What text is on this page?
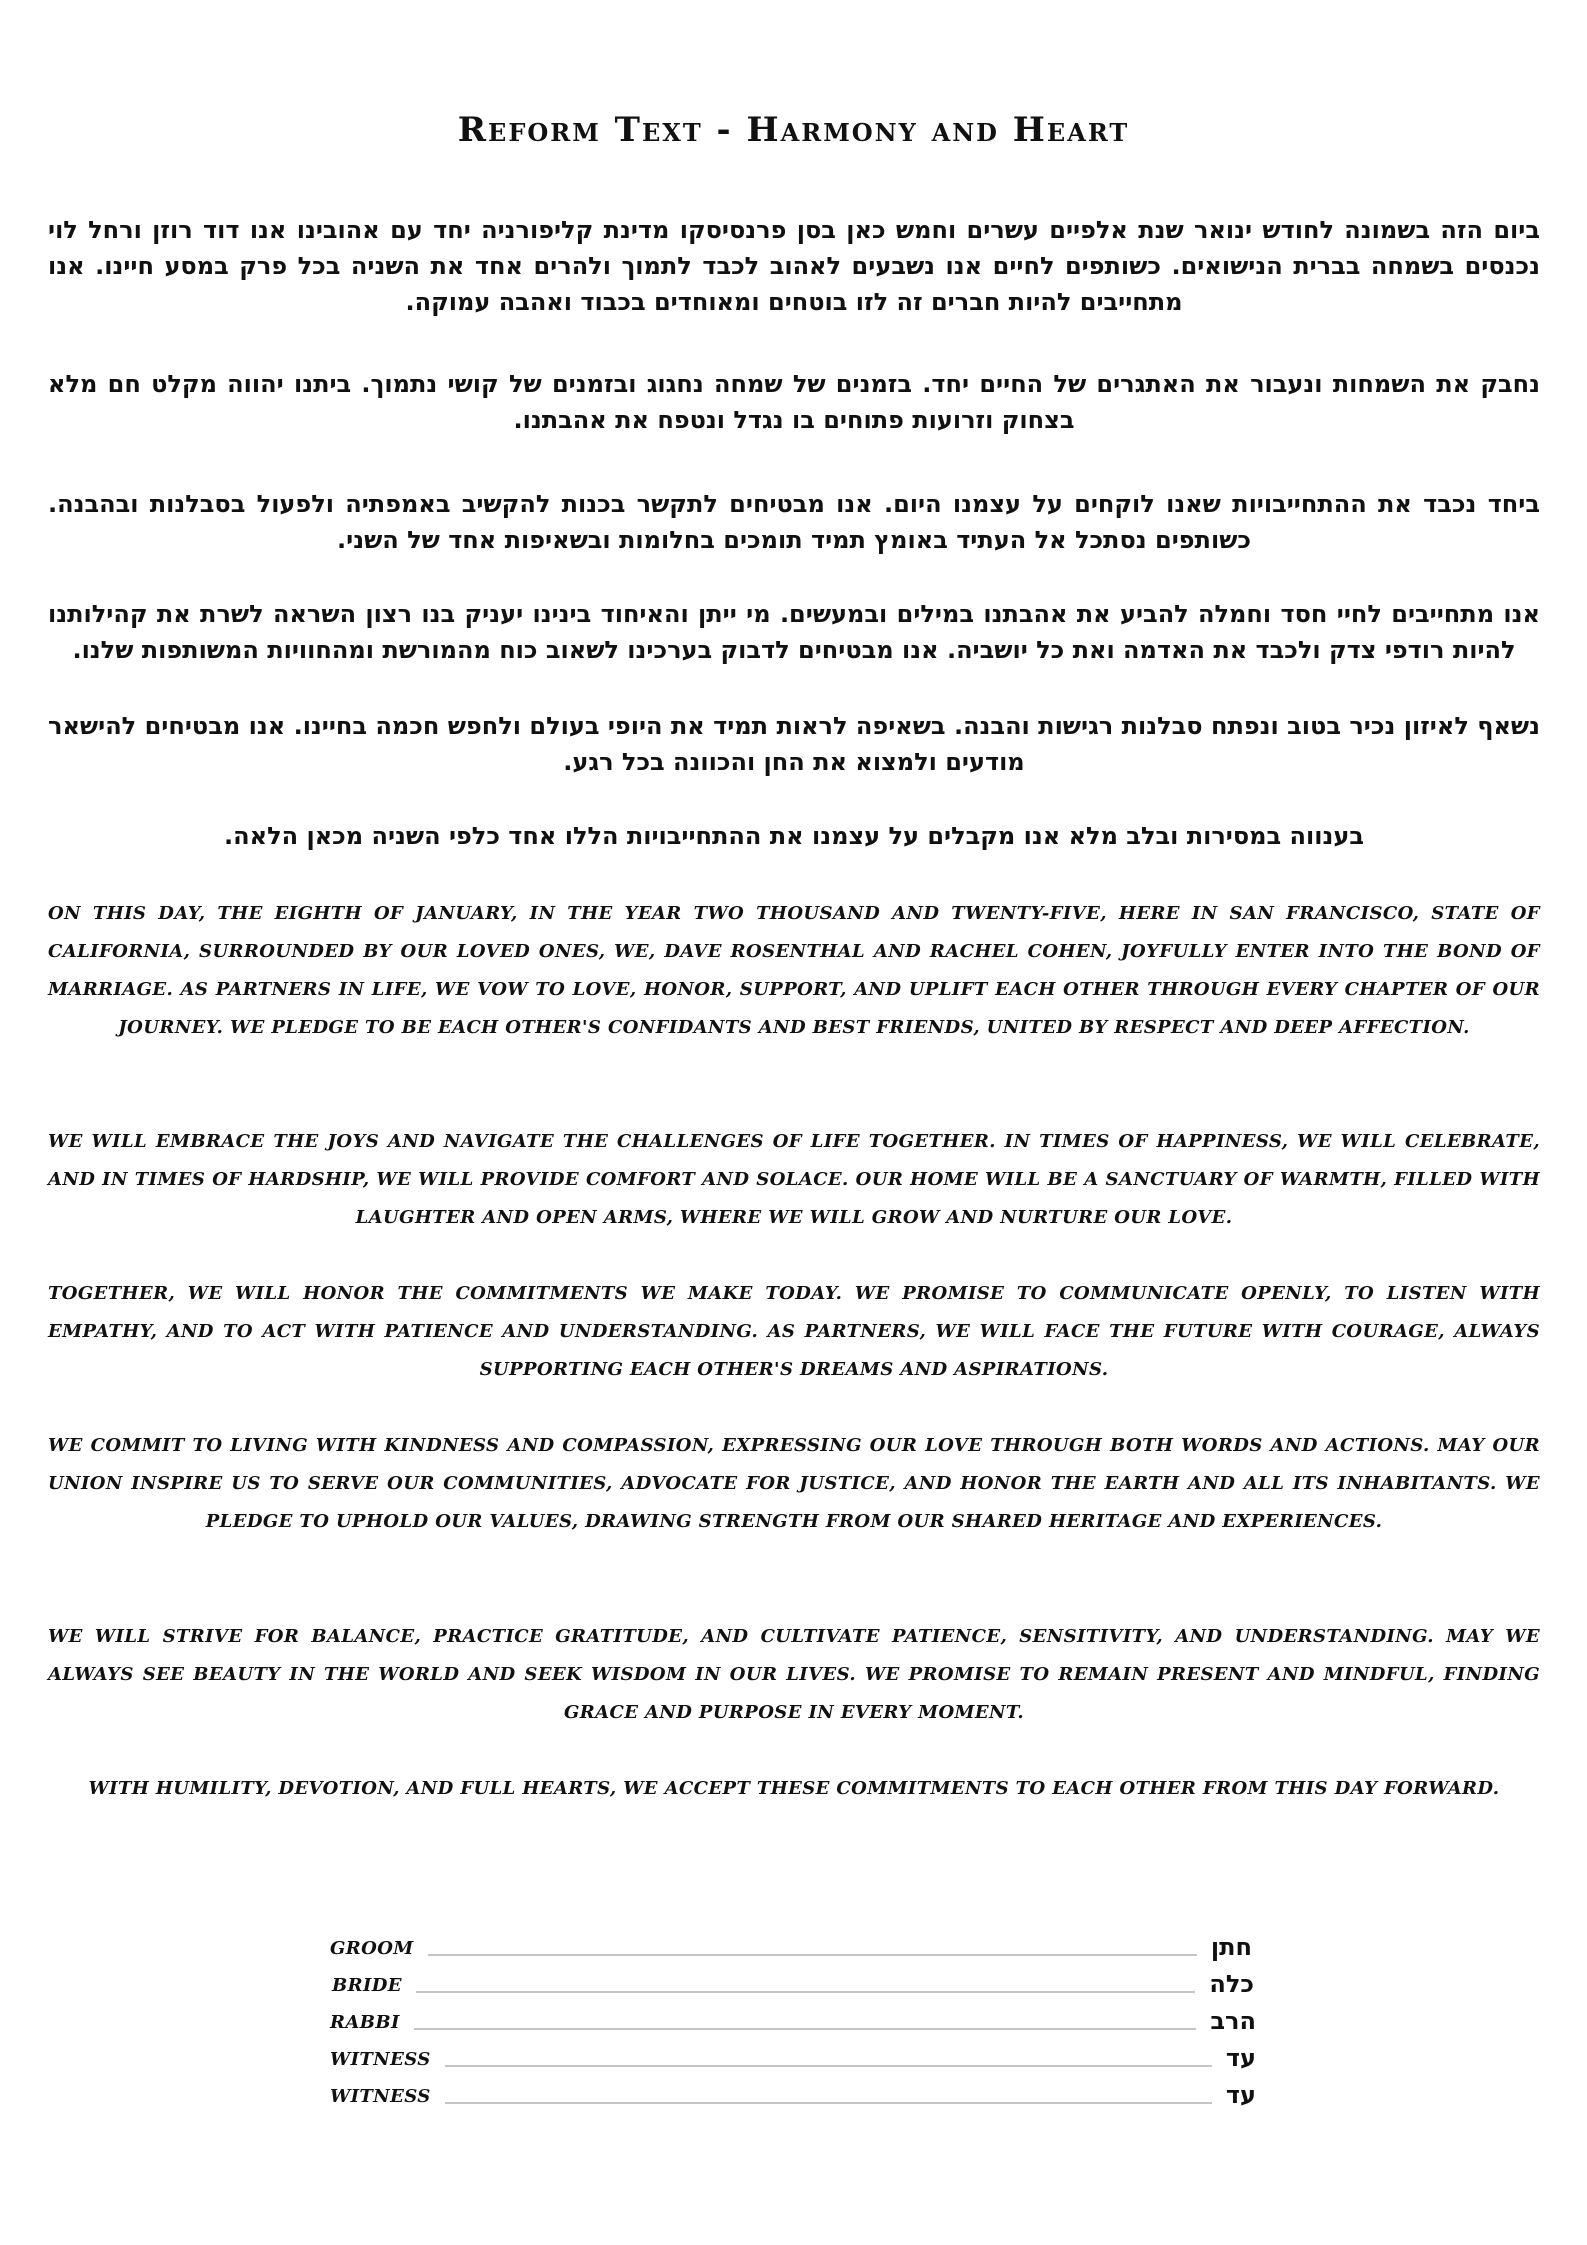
Reform Text - Harmony and Heart
ביום הזה בשמונה לחודש ינואר שנת אלפיים עשרים וחמש כאן בסן פרנסיסקו מדינת קליפורניה יחד עם אהובינו אנו דוד רוזן ורחל לוי נכנסים בשמחה בברית הנישואים. כשותפים לחיים אנו נשבעים לאהוב לכבד לתמוך ולהרים אחד את השניה בכל פרק במסע חיינו. אנו מתחייבים להיות חברים זה לזו בוטחים ומאוחדים בכבוד ואהבה עמוקה.
נחבק את השמחות ונעבור את האתגרים של החיים יחד. בזמנים של שמחה נחגוג ובזמנים של קושי נתמוך. ביתנו יהווה מקלט חם מלא בצחוק וזרועות פתוחים בו נגדל ונטפח את אהבתנו.
ביחד נכבד את ההתחייבויות שאנו לוקחים על עצמנו היום. אנו מבטיחים לתקשר בכנות להקשיב באמפתיה ולפעול בסבלנות ובהבנה. כשותפים נסתכל אל העתיד באומץ תמיד תומכים בחלומות ובשאיפות אחד של השני.
אנו מתחייבים לחיי חסד וחמלה להביע את אהבתנו במילים ובמעשים. מי ייתן והאיחוד בינינו יעניק בנו רצון השראה לשרת את קהילותנו להיות רודפי צדק ולכבד את האדמה ואת כל יושביה. אנו מבטיחים לדבוק בערכינו לשאוב כוח מהמורשת ומהחוויות המשותפות שלנו.
נשאף לאיזון נכיר בטוב ונפתח סבלנות רגישות והבנה. בשאיפה לראות תמיד את היופי בעולם ולחפש חכמה בחיינו. אנו מבטיחים להישאר מודעים ולמצוא את החן והכוונה בכל רגע.
בענווה במסירות ובלב מלא אנו מקבלים על עצמנו את ההתחייבויות הללו אחד כלפי השניה מכאן הלאה.
ON THIS DAY, THE EIGHTH OF JANUARY, IN THE YEAR TWO THOUSAND AND TWENTY-FIVE, HERE IN SAN FRANCISCO, STATE OF CALIFORNIA, SURROUNDED BY OUR LOVED ONES, WE, DAVE ROSENTHAL AND RACHEL COHEN, JOYFULLY ENTER INTO THE BOND OF MARRIAGE. AS PARTNERS IN LIFE, WE VOW TO LOVE, HONOR, SUPPORT, AND UPLIFT EACH OTHER THROUGH EVERY CHAPTER OF OUR JOURNEY. WE PLEDGE TO BE EACH OTHER'S CONFIDANTS AND BEST FRIENDS, UNITED BY RESPECT AND DEEP AFFECTION.
WE WILL EMBRACE THE JOYS AND NAVIGATE THE CHALLENGES OF LIFE TOGETHER. IN TIMES OF HAPPINESS, WE WILL CELEBRATE, AND IN TIMES OF HARDSHIP, WE WILL PROVIDE COMFORT AND SOLACE. OUR HOME WILL BE A SANCTUARY OF WARMTH, FILLED WITH LAUGHTER AND OPEN ARMS, WHERE WE WILL GROW AND NURTURE OUR LOVE.
TOGETHER, WE WILL HONOR THE COMMITMENTS WE MAKE TODAY. WE PROMISE TO COMMUNICATE OPENLY, TO LISTEN WITH EMPATHY, AND TO ACT WITH PATIENCE AND UNDERSTANDING. AS PARTNERS, WE WILL FACE THE FUTURE WITH COURAGE, ALWAYS SUPPORTING EACH OTHER'S DREAMS AND ASPIRATIONS.
WE COMMIT TO LIVING WITH KINDNESS AND COMPASSION, EXPRESSING OUR LOVE THROUGH BOTH WORDS AND ACTIONS. MAY OUR UNION INSPIRE US TO SERVE OUR COMMUNITIES, ADVOCATE FOR JUSTICE, AND HONOR THE EARTH AND ALL ITS INHABITANTS. WE PLEDGE TO UPHOLD OUR VALUES, DRAWING STRENGTH FROM OUR SHARED HERITAGE AND EXPERIENCES.
WE WILL STRIVE FOR BALANCE, PRACTICE GRATITUDE, AND CULTIVATE PATIENCE, SENSITIVITY, AND UNDERSTANDING. MAY WE ALWAYS SEE BEAUTY IN THE WORLD AND SEEK WISDOM IN OUR LIVES. WE PROMISE TO REMAIN PRESENT AND MINDFUL, FINDING GRACE AND PURPOSE IN EVERY MOMENT.
WITH HUMILITY, DEVOTION, AND FULL HEARTS, WE ACCEPT THESE COMMITMENTS TO EACH OTHER FROM THIS DAY FORWARD.
GROOM	חתן
BRIDE	כלה
RABBI	הרב
WITNESS	עד
WITNESS	עד
